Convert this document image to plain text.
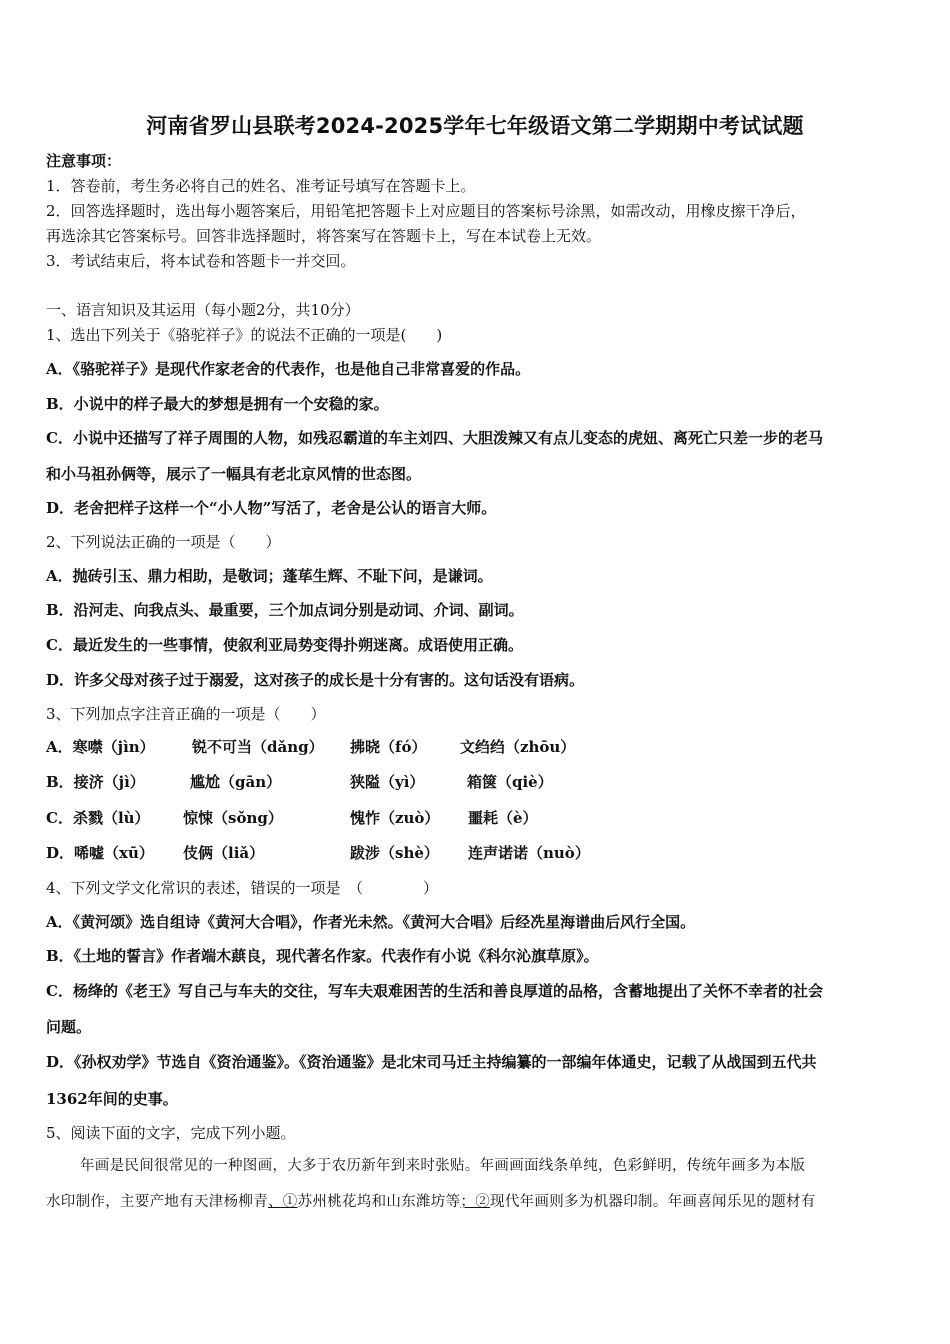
河南省罗山县联考2024-2025学年七年级语文第二学期期中考试试题
注意事项：
1．答卷前，考生务必将自己的姓名、准考证号填写在答题卡上。
2．回答选择题时，选出每小题答案后，用铅笔把答题卡上对应题目的答案标号涂黑，如需改动，用橡皮擦干净后，
再选涂其它答案标号。回答非选择题时，将答案写在答题卡上，写在本试卷上无效。
3．考试结束后，将本试卷和答题卡一并交回。
一、语言知识及其运用（每小题2分，共10分）
1、选出下列关于《骆驼祥子》的说法不正确的一项是(　　)
A．《骆驼祥子》是现代作家老舍的代表作，也是他自己非常喜爱的作品。
B．小说中的样子最大的梦想是拥有一个安稳的家。
C．小说中还描写了祥子周围的人物，如残忍霸道的车主刘四、大胆泼辣又有点儿变态的虎妞、离死亡只差一步的老马
和小马祖孙俩等，展示了一幅具有老北京风情的世态图。
D．老舍把样子这样一个“小人物”写活了，老舍是公认的语言大师。
2、下列说法正确的一项是（　　）
A．抛砖引玉、鼎力相助，是敬词；蓬荜生辉、不耻下问，是谦词。
B．沿河走、向我点头、最重要，三个加点词分别是动词、介词、副词。
C．最近发生的一些事情，使叙利亚局势变得扑朔迷离。成语使用正确。
D．许多父母对孩子过于溺爱，这对孩子的成长是十分有害的。这句话没有语病。
3、下列加点字注音正确的一项是（　　）
A．寒噤（jìn） 锐不可当（dǎng） 拂晓（fó） 文绉绉（zhōu）
B．接济（jì）	尴尬（gān）	狭隘（yì）	箱箧（qiè）
C．杀戮（lù） 惊悚（sǒng）	愧怍（zuò） 噩耗（è）
D．唏嘘（xū） 伎俩（liǎ）	跋涉（shè） 连声诺诺（nuò）
4、下列文学文化常识的表述，错误的一项是　（　　　　）
A．《黄河颂》选自组诗《黄河大合唱》，作者光未然。《黄河大合唱》后经冼星海谱曲后风行全国。
B．《土地的誓言》作者端木蕻良，现代著名作家。代表作有小说《科尔沁旗草原》。
C．杨绛的《老王》写自己与车夫的交往，写车夫艰难困苦的生活和善良厚道的品格，含蓄地提出了关怀不幸者的社会
问题。
D．《孙权劝学》节选自《资治通鉴》。《资治通鉴》是北宋司马迁主持编纂的一部编年体通史，记载了从战国到五代共
1362年间的史事。
5、阅读下面的文字，完成下列小题。
年画是民间很常见的一种图画，大多于农历新年到来时张贴。年画画面线条单纯，色彩鲜明，传统年画多为本版
水印制作，主要产地有天津杨柳青、①苏州桃花坞和山东潍坊等；②现代年画则多为机器印制。年画喜闻乐见的题材有
